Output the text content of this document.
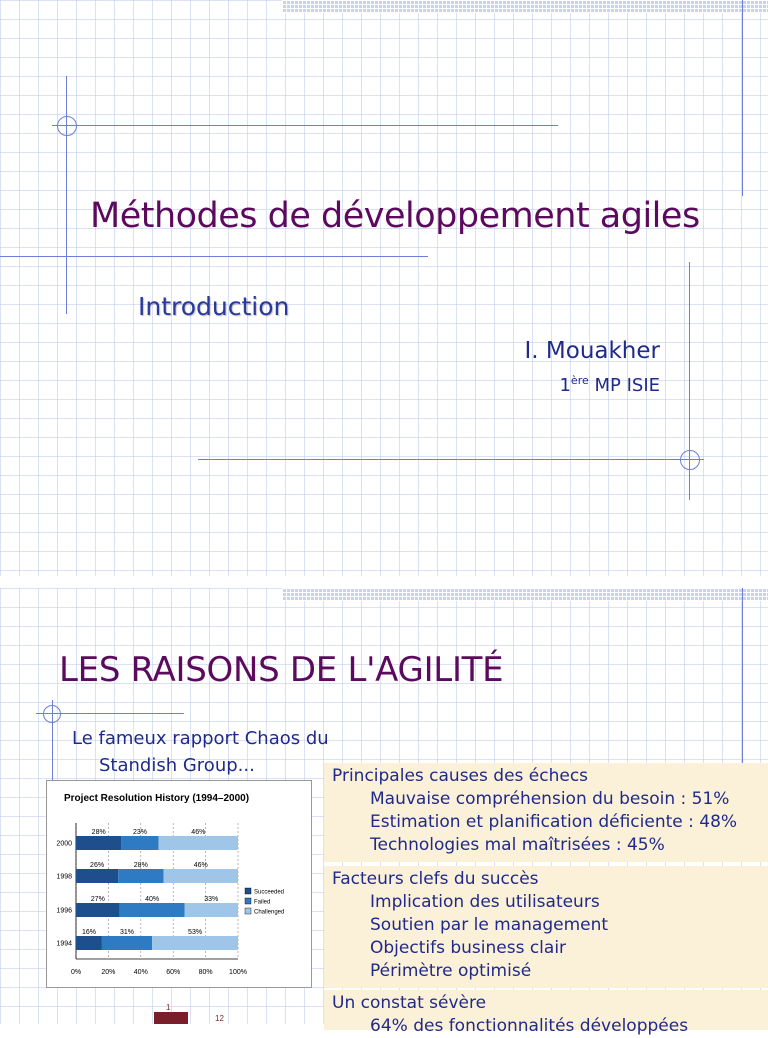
Méthodes de développement agiles
Introduction
I. Mouakher
1ère MP ISIE
LES RAISONS DE L'AGILITÉ
Le fameux rapport Chaos du
Standish Group...
Project Resolution History (1994–2000)
0%	20%	40%	60%	80% 100%
2000
28%	23%	46%
1998
26%	28%	46%
1996
27%	40%	33%
1994
16%	31%	53%
Succeeded
Failed
Challenged
Principales causes des échecs
Mauvaise compréhension du besoin : 51%
Estimation et planification déficiente : 48%
Technologies mal maîtrisées : 45%
Facteurs clefs du succès
Implication des utilisateurs
Soutien par le management
Objectifs business clair
Périmètre optimisé
Un constat sévère
64% des fonctionnalités développées
1
12
